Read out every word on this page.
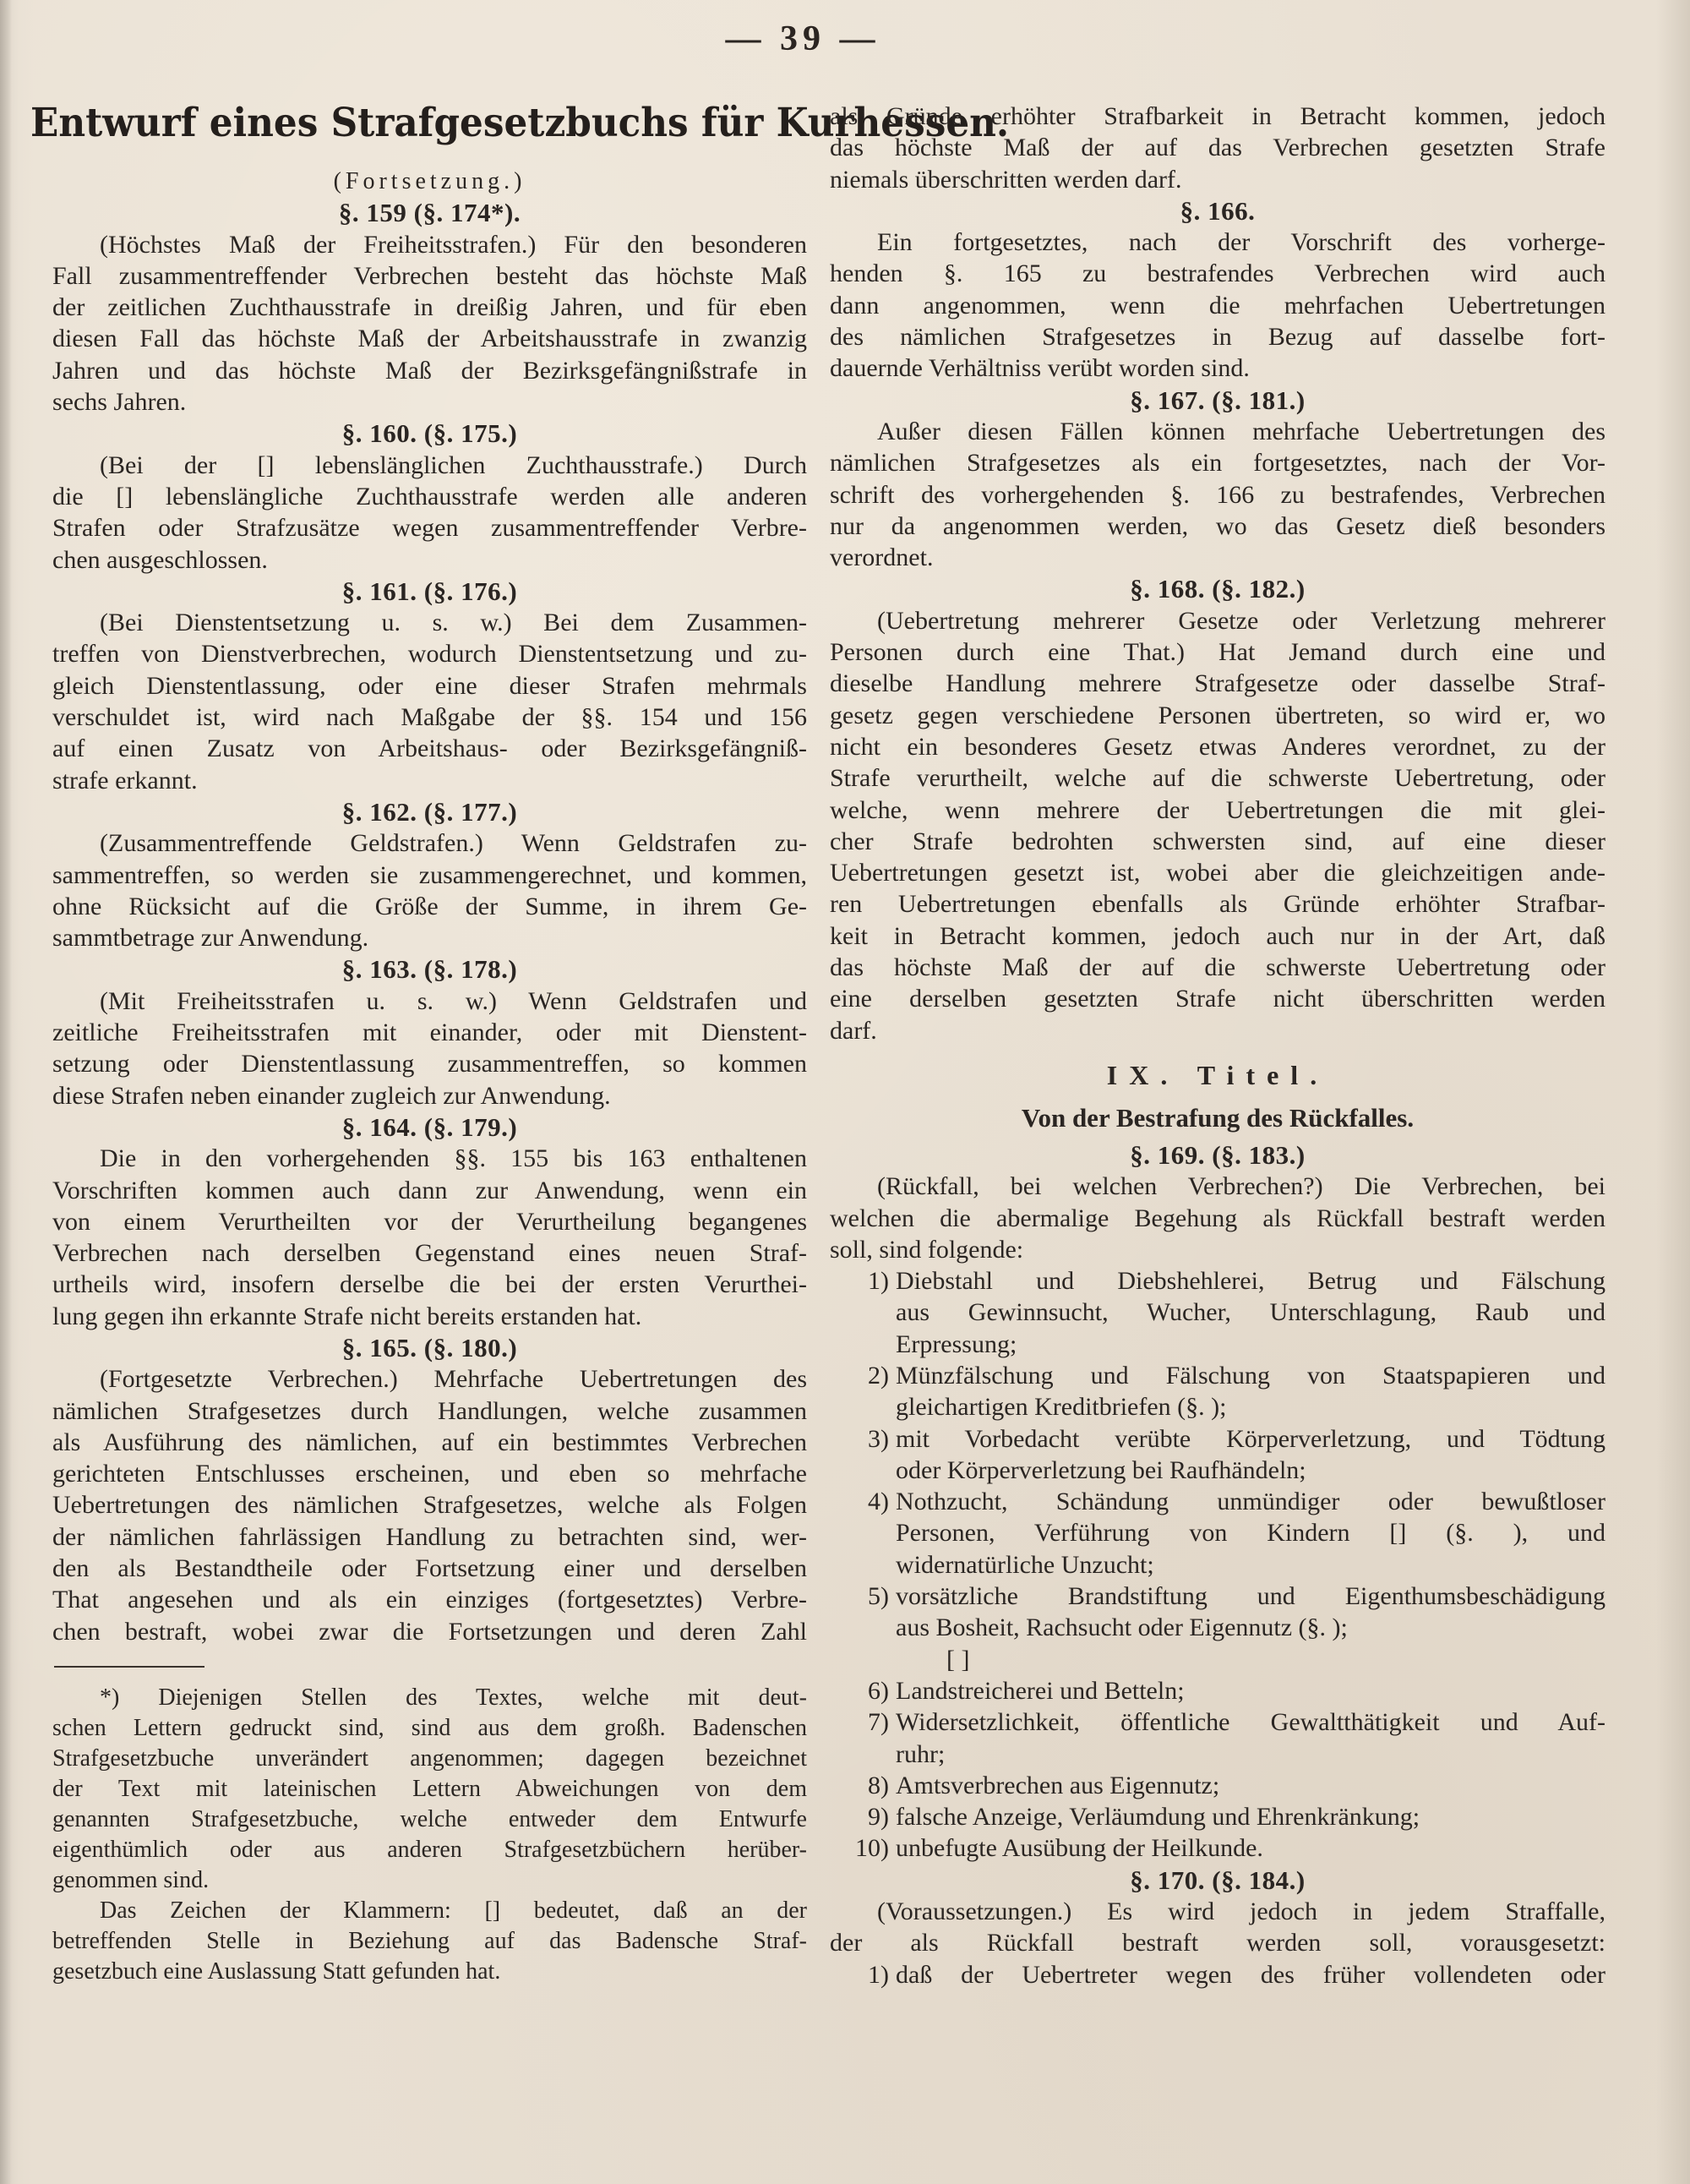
— 39 —
Entwurf eines Strafgesetzbuchs für Kurhessen.
(Fortsetzung.)
§. 159 (§. 174*).
(Höchstes Maß der Freiheitsstrafen.) Für den besonderen
Fall zusammentreffender Verbrechen besteht das höchste Maß
der zeitlichen Zuchthausstrafe in dreißig Jahren, und für eben
diesen Fall das höchste Maß der Arbeitshausstrafe in zwanzig
Jahren und das höchste Maß der Bezirksgefängnißstrafe in
sechs Jahren.
§. 160. (§. 175.)
(Bei der [] lebenslänglichen Zuchthausstrafe.) Durch
die [] lebenslängliche Zuchthausstrafe werden alle anderen
Strafen oder Strafzusätze wegen zusammentreffender Verbre-
chen ausgeschlossen.
§. 161. (§. 176.)
(Bei Dienstentsetzung u. s. w.) Bei dem Zusammen-
treffen von Dienstverbrechen, wodurch Dienstentsetzung und zu-
gleich Dienstentlassung, oder eine dieser Strafen mehrmals
verschuldet ist, wird nach Maßgabe der §§. 154 und 156
auf einen Zusatz von Arbeitshaus- oder Bezirksgefängniß-
strafe erkannt.
§. 162. (§. 177.)
(Zusammentreffende Geldstrafen.) Wenn Geldstrafen zu-
sammentreffen, so werden sie zusammengerechnet, und kommen,
ohne Rücksicht auf die Größe der Summe, in ihrem Ge-
sammtbetrage zur Anwendung.
§. 163. (§. 178.)
(Mit Freiheitsstrafen u. s. w.) Wenn Geldstrafen und
zeitliche Freiheitsstrafen mit einander, oder mit Dienstent-
setzung oder Dienstentlassung zusammentreffen, so kommen
diese Strafen neben einander zugleich zur Anwendung.
§. 164. (§. 179.)
Die in den vorhergehenden §§. 155 bis 163 enthaltenen
Vorschriften kommen auch dann zur Anwendung, wenn ein
von einem Verurtheilten vor der Verurtheilung begangenes
Verbrechen nach derselben Gegenstand eines neuen Straf-
urtheils wird, insofern derselbe die bei der ersten Verurthei-
lung gegen ihn erkannte Strafe nicht bereits erstanden hat.
§. 165. (§. 180.)
(Fortgesetzte Verbrechen.) Mehrfache Uebertretungen des
nämlichen Strafgesetzes durch Handlungen, welche zusammen
als Ausführung des nämlichen, auf ein bestimmtes Verbrechen
gerichteten Entschlusses erscheinen, und eben so mehrfache
Uebertretungen des nämlichen Strafgesetzes, welche als Folgen
der nämlichen fahrlässigen Handlung zu betrachten sind, wer-
den als Bestandtheile oder Fortsetzung einer und derselben
That angesehen und als ein einziges (fortgesetztes) Verbre-
chen bestraft, wobei zwar die Fortsetzungen und deren Zahl
*) Diejenigen Stellen des Textes, welche mit deut-
schen Lettern gedruckt sind, sind aus dem großh. Badenschen
Strafgesetzbuche unverändert angenommen; dagegen bezeichnet
der Text mit lateinischen Lettern Abweichungen von dem
genannten Strafgesetzbuche, welche entweder dem Entwurfe
eigenthümlich oder aus anderen Strafgesetzbüchern herüber-
genommen sind.
Das Zeichen der Klammern: [] bedeutet, daß an der
betreffenden Stelle in Beziehung auf das Badensche Straf-
gesetzbuch eine Auslassung Statt gefunden hat.
als Gründe erhöhter Strafbarkeit in Betracht kommen, jedoch
das höchste Maß der auf das Verbrechen gesetzten Strafe
niemals überschritten werden darf.
§. 166.
Ein fortgesetztes, nach der Vorschrift des vorherge-
henden §. 165 zu bestrafendes Verbrechen wird auch
dann angenommen, wenn die mehrfachen Uebertretungen
des nämlichen Strafgesetzes in Bezug auf dasselbe fort-
dauernde Verhältniss verübt worden sind.
§. 167. (§. 181.)
Außer diesen Fällen können mehrfache Uebertretungen des
nämlichen Strafgesetzes als ein fortgesetztes, nach der Vor-
schrift des vorhergehenden §. 166 zu bestrafendes, Verbrechen
nur da angenommen werden, wo das Gesetz dieß besonders
verordnet.
§. 168. (§. 182.)
(Uebertretung mehrerer Gesetze oder Verletzung mehrerer
Personen durch eine That.) Hat Jemand durch eine und
dieselbe Handlung mehrere Strafgesetze oder dasselbe Straf-
gesetz gegen verschiedene Personen übertreten, so wird er, wo
nicht ein besonderes Gesetz etwas Anderes verordnet, zu der
Strafe verurtheilt, welche auf die schwerste Uebertretung, oder
welche, wenn mehrere der Uebertretungen die mit glei-
cher Strafe bedrohten schwersten sind, auf eine dieser
Uebertretungen gesetzt ist, wobei aber die gleichzeitigen ande-
ren Uebertretungen ebenfalls als Gründe erhöhter Strafbar-
keit in Betracht kommen, jedoch auch nur in der Art, daß
das höchste Maß der auf die schwerste Uebertretung oder
eine derselben gesetzten Strafe nicht überschritten werden
darf.
IX. Titel.
Von der Bestrafung des Rückfalles.
§. 169. (§. 183.)
(Rückfall, bei welchen Verbrechen?) Die Verbrechen, bei
welchen die abermalige Begehung als Rückfall bestraft werden
soll, sind folgende:
1) Diebstahl und Diebshehlerei, Betrug und Fälschung
aus Gewinnsucht, Wucher, Unterschlagung, Raub und
Erpressung;
2) Münzfälschung und Fälschung von Staatspapieren und
gleichartigen Kreditbriefen (§. );
3) mit Vorbedacht verübte Körperverletzung, und Tödtung
oder Körperverletzung bei Raufhändeln;
4) Nothzucht, Schändung unmündiger oder bewußtloser
Personen, Verführung von Kindern [] (§. ), und
widernatürliche Unzucht;
5) vorsätzliche Brandstiftung und Eigenthumsbeschädigung
aus Bosheit, Rachsucht oder Eigennutz (§. );
[ ]
6) Landstreicherei und Betteln;
7) Widersetzlichkeit, öffentliche Gewaltthätigkeit und Auf-
ruhr;
8) Amtsverbrechen aus Eigennutz;
9) falsche Anzeige, Verläumdung und Ehrenkränkung;
10) unbefugte Ausübung der Heilkunde.
§. 170. (§. 184.)
(Voraussetzungen.) Es wird jedoch in jedem Straffalle,
der als Rückfall bestraft werden soll, vorausgesetzt:
1) daß der Uebertreter wegen des früher vollendeten oder
